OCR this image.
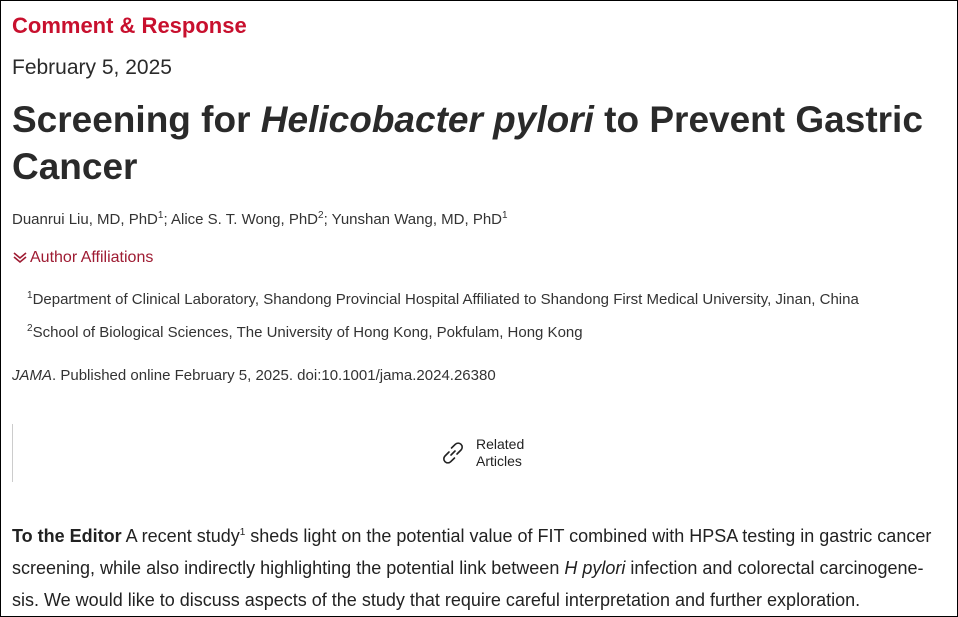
Comment & Response
February 5, 2025
Screening for Helicobacter pylori to Prevent Gastric Cancer
Duanrui Liu, MD, PhD$^1$; Alice S. T. Wong, PhD$^2$; Yunshan Wang, MD, PhD$^1$
Author Affiliations
$^1$Department of Clinical Laboratory, Shandong Provincial Hospital Affiliated to Shandong First Medical University, Jinan, China
$^2$School of Biological Sciences, The University of Hong Kong, Pokfulam, Hong Kong
JAMA. Published online February 5, 2025. doi:10.1001/jama.2024.26380
Related Articles

To the Editor A recent study$^1$ sheds light on the potential value of FIT combined with HPSA testing in gastric cancer screening, while also indirectly highlighting the potential link between H pylori infection and colorectal carcinogene-sis. We would like to discuss aspects of the study that require careful interpretation and further exploration.
